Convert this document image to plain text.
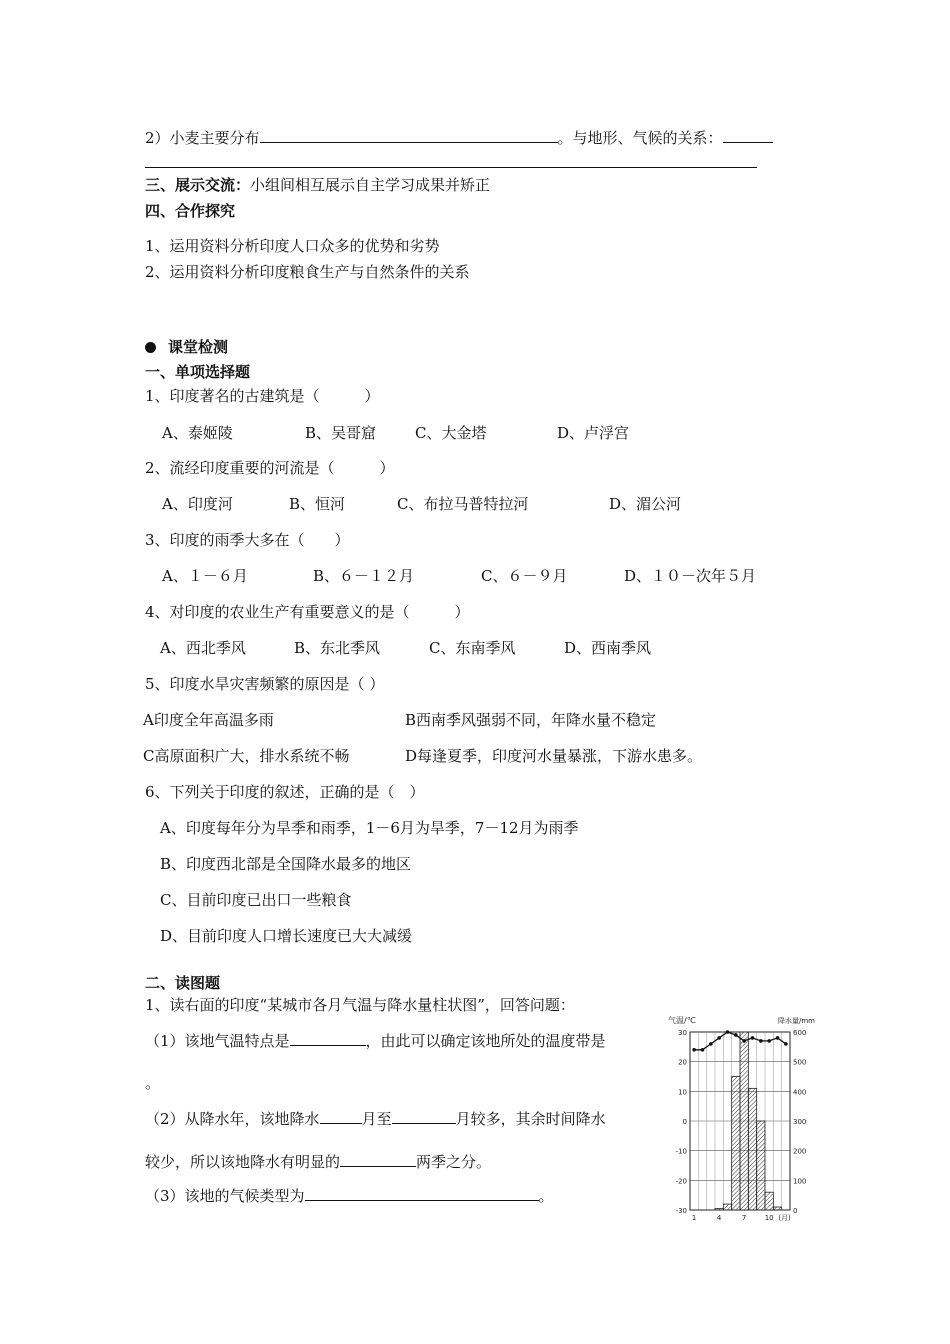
2）小麦主要分布	。与地形、气候的关系：
三、展示交流：小组间相互展示自主学习成果并矫正
四、合作探究
1、运用资料分析印度人口众多的优势和劣势
2、运用资料分析印度粮食生产与自然条件的关系
课堂检测
一、单项选择题
1、印度著名的古建筑是（　　　）
A、泰姬陵	B、吴哥窟	C、大金塔	D、卢浮宫
2、流经印度重要的河流是（　　　）
A、印度河	B、恒河	C、布拉马普特拉河	D、湄公河
3、印度的雨季大多在（　　）
A、１－６月	B、６－１２月	C、６－９月	D、１０－次年５月
4、对印度的农业生产有重要意义的是（　　　）
A、西北季风	B、东北季风	C、东南季风	D、西南季风
5、印度水旱灾害频繁的原因是（ ）
A印度全年高温多雨	B西南季风强弱不同，年降水量不稳定
C高原面积广大，排水系统不畅	D每逢夏季，印度河水量暴涨，下游水患多。
6、下列关于印度的叙述，正确的是（　）
A、印度每年分为旱季和雨季，1－6月为旱季，7－12月为雨季
B、印度西北部是全国降水最多的地区
C、目前印度已出口一些粮食
D、目前印度人口增长速度已大大减缓
二、读图题
1、读右面的印度“某城市各月气温与降水量柱状图”，回答问题：
（1）该地气温特点是	，由此可以确定该地所处的温度带是
。
（2）从降水年，该地降水	月至	月较多，其余时间降水
较少，所以该地降水有明显的	两季之分。
（3）该地的气候类型为	。
气温/℃	降水量/mm
30	600
20	500
10	400
0	300
-10	200
-20	100
-30	0
1	4	7	10 (月)
